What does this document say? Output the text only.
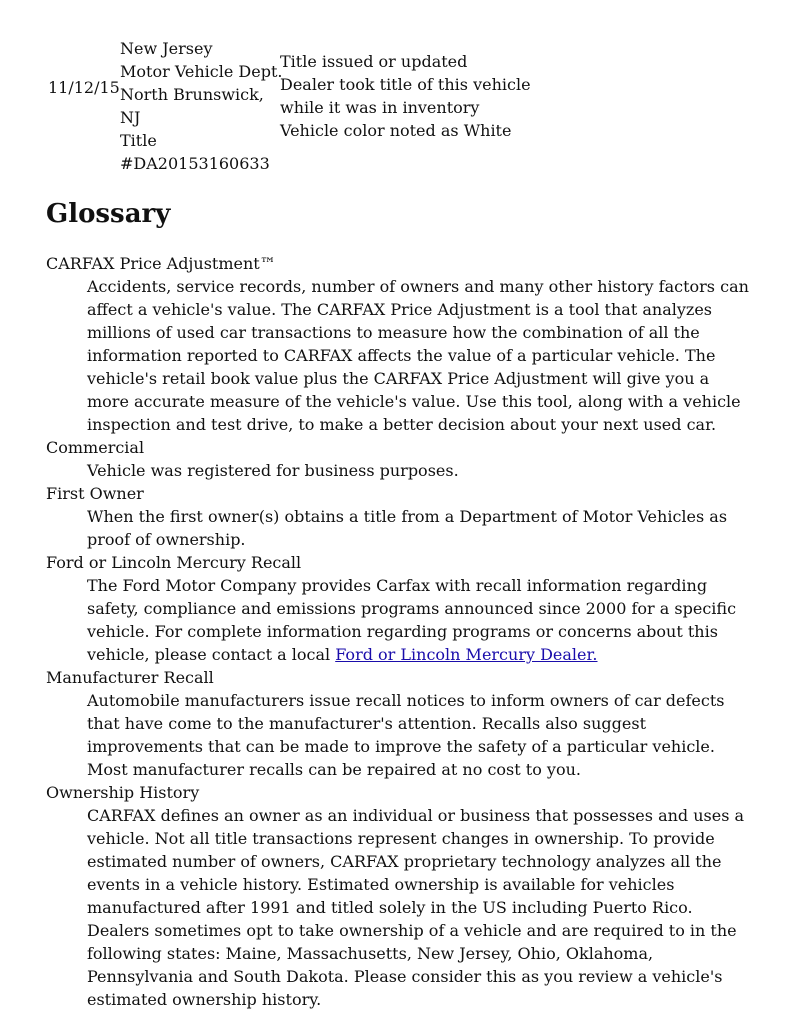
11/12/15
New Jersey
Motor Vehicle Dept.
North Brunswick,
NJ
Title
#DA20153160633
Title issued or updated
Dealer took title of this vehicle
while it was in inventory
Vehicle color noted as White
Glossary
CARFAX Price Adjustment™
Accidents, service records, number of owners and many other history factors can affect a vehicle's value. The CARFAX Price Adjustment is a tool that analyzes millions of used car transactions to measure how the combination of all the information reported to CARFAX affects the value of a particular vehicle. The vehicle's retail book value plus the CARFAX Price Adjustment will give you a more accurate measure of the vehicle's value. Use this tool, along with a vehicle inspection and test drive, to make a better decision about your next used car.
Commercial
Vehicle was registered for business purposes.
First Owner
When the first owner(s) obtains a title from a Department of Motor Vehicles as proof of ownership.
Ford or Lincoln Mercury Recall
The Ford Motor Company provides Carfax with recall information regarding safety, compliance and emissions programs announced since 2000 for a specific vehicle. For complete information regarding programs or concerns about this vehicle, please contact a local Ford or Lincoln Mercury Dealer.
Manufacturer Recall
Automobile manufacturers issue recall notices to inform owners of car defects that have come to the manufacturer's attention. Recalls also suggest improvements that can be made to improve the safety of a particular vehicle. Most manufacturer recalls can be repaired at no cost to you.
Ownership History
CARFAX defines an owner as an individual or business that possesses and uses a vehicle. Not all title transactions represent changes in ownership. To provide estimated number of owners, CARFAX proprietary technology analyzes all the events in a vehicle history. Estimated ownership is available for vehicles manufactured after 1991 and titled solely in the US including Puerto Rico. Dealers sometimes opt to take ownership of a vehicle and are required to in the following states: Maine, Massachusetts, New Jersey, Ohio, Oklahoma, Pennsylvania and South Dakota. Please consider this as you review a vehicle's estimated ownership history.
